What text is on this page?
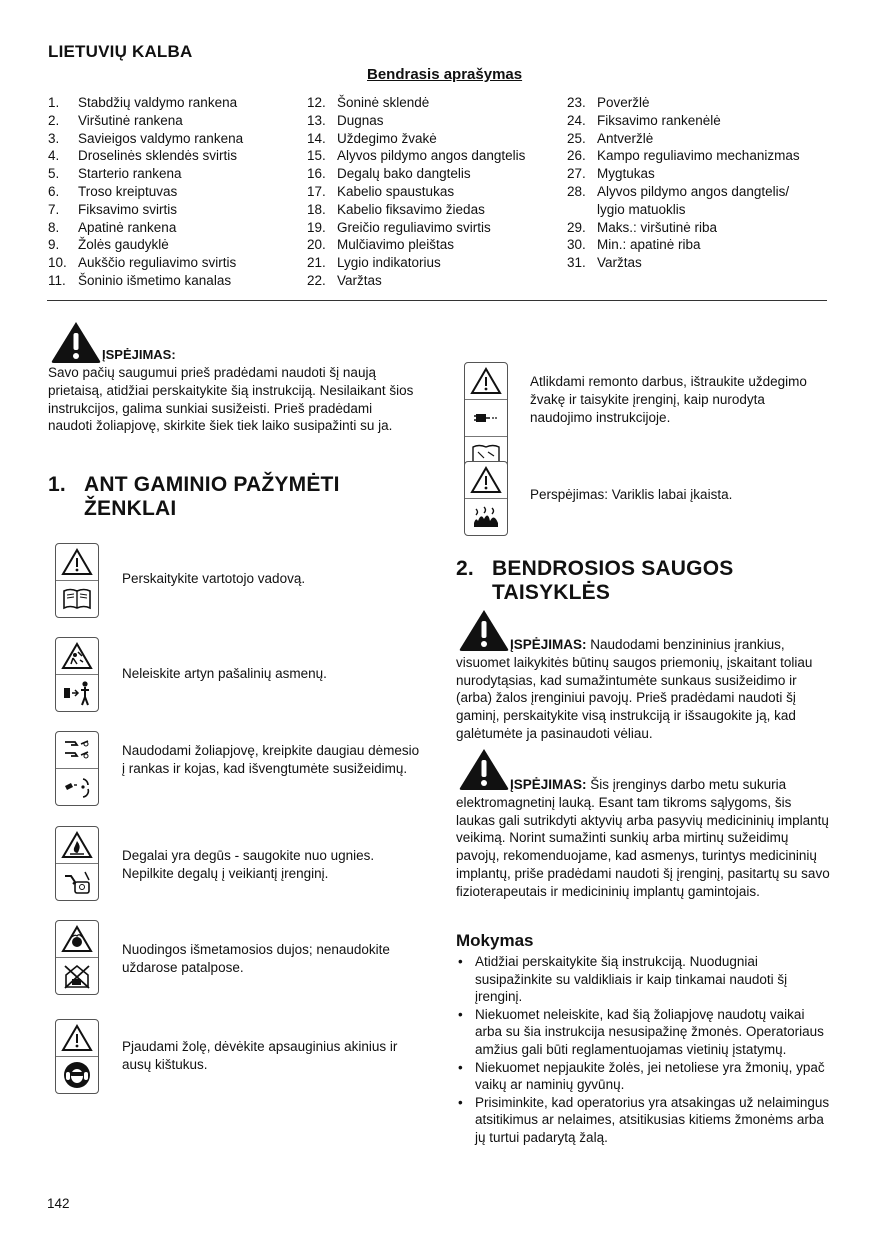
LIETUVIŲ KALBA
Bendrasis aprašymas
1.	Stabdžių valdymo rankena
2.	Viršutinė rankena
3.	Savieigos valdymo rankena
4.	Droselinės sklendės svirtis
5.	Starterio rankena
6.	Troso kreiptuvas
7.	Fiksavimo svirtis
8.	Apatinė rankena
9.	Žolės gaudyklė
10. Aukščio reguliavimo svirtis
11. Šoninio išmetimo kanalas
12. Šoninė sklendė
13. Dugnas
14. Uždegimo žvakė
15. Alyvos pildymo angos dangtelis
16. Degalų bako dangtelis
17. Kabelio spaustukas
18. Kabelio fiksavimo žiedas
19. Greičio reguliavimo svirtis
20. Mulčiavimo pleištas
21. Lygio indikatorius
22. Varžtas
23. Poveržlė
24. Fiksavimo rankenėlė
25. Antveržlė
26. Kampo reguliavimo mechanizmas
27. Mygtukas
28. Alyvos pildymo angos dangtelis/
lygio matuoklis
29. Maks.: viršutinė riba
30. Min.: apatinė riba
31. Varžtas
ĮSPĖJIMAS:
Savo pačių saugumui prieš pradėdami naudoti šį naują prietaisą, atidžiai perskaitykite šią instrukciją. Nesilaikant šios instrukcijos, galima sunkiai susižeisti. Prieš pradėdami naudoti žoliapjovę, skirkite šiek tiek laiko susipažinti su ja.
1. ANT GAMINIO PAŽYMĖTI ŽENKLAI
Perskaitykite vartotojo vadovą.
Neleiskite artyn pašalinių asmenų.
Naudodami žoliapjovę, kreipkite daugiau dėmesio į rankas ir kojas, kad išvengtumėte susižeidimų.
Degalai yra degūs - saugokite nuo ugnies. Nepilkite degalų į veikiantį įrenginį.
Nuodingos išmetamosios dujos; nenaudokite uždarose patalpose.
Pjaudami žolę, dėvėkite apsauginius akinius ir ausų kištukus.
Atlikdami remonto darbus, ištraukite uždegimo žvakę ir taisykite įrenginį, kaip nurodyta naudojimo instrukcijoje.
Perspėjimas: Variklis labai įkaista.
2. BENDROSIOS SAUGOS TAISYKLĖS
ĮSPĖJIMAS: Naudodami benzininius įrankius, visuomet laikykitės būtinų saugos priemonių, įskaitant toliau nurodytąsias, kad sumažintumėte sunkaus susižeidimo ir (arba) žalos įrenginiui pavojų. Prieš pradėdami naudoti šį gaminį, perskaitykite visą instrukciją ir išsaugokite ją, kad galėtumėte ja pasinaudoti vėliau.
ĮSPĖJIMAS: Šis įrenginys darbo metu sukuria elektromagnetinį lauką. Esant tam tikroms sąlygoms, šis laukas gali sutrikdyti aktyvių arba pasyvių medicininių implantų veikimą. Norint sumažinti sunkių arba mirtinų sužeidimų pavojų, rekomenduojame, kad asmenys, turintys medicininių implantų, priše pradėdami naudoti šį įrenginį, pasitartų su savo fizioterapeutais ir medicininių implantų gamintojais.
Mokymas
• Atidžiai perskaitykite šią instrukciją. Nuodugniai susipažinkite su valdikliais ir kaip tinkamai naudoti šį įrenginį.
• Niekuomet neleiskite, kad šią žoliapjovę naudotų vaikai arba su šia instrukcija nesusipažinę žmonės. Operatoriaus amžius gali būti reglamentuojamas vietinių įstatymų.
• Niekuomet nepjaukite žolės, jei netoliese yra žmonių, ypač vaikų ar naminių gyvūnų.
• Prisiminkite, kad operatorius yra atsakingas už nelaimingus atsitikimus ar nelaimes, atsitikusias kitiems žmonėms arba jų turtui padarytą žalą.
142
